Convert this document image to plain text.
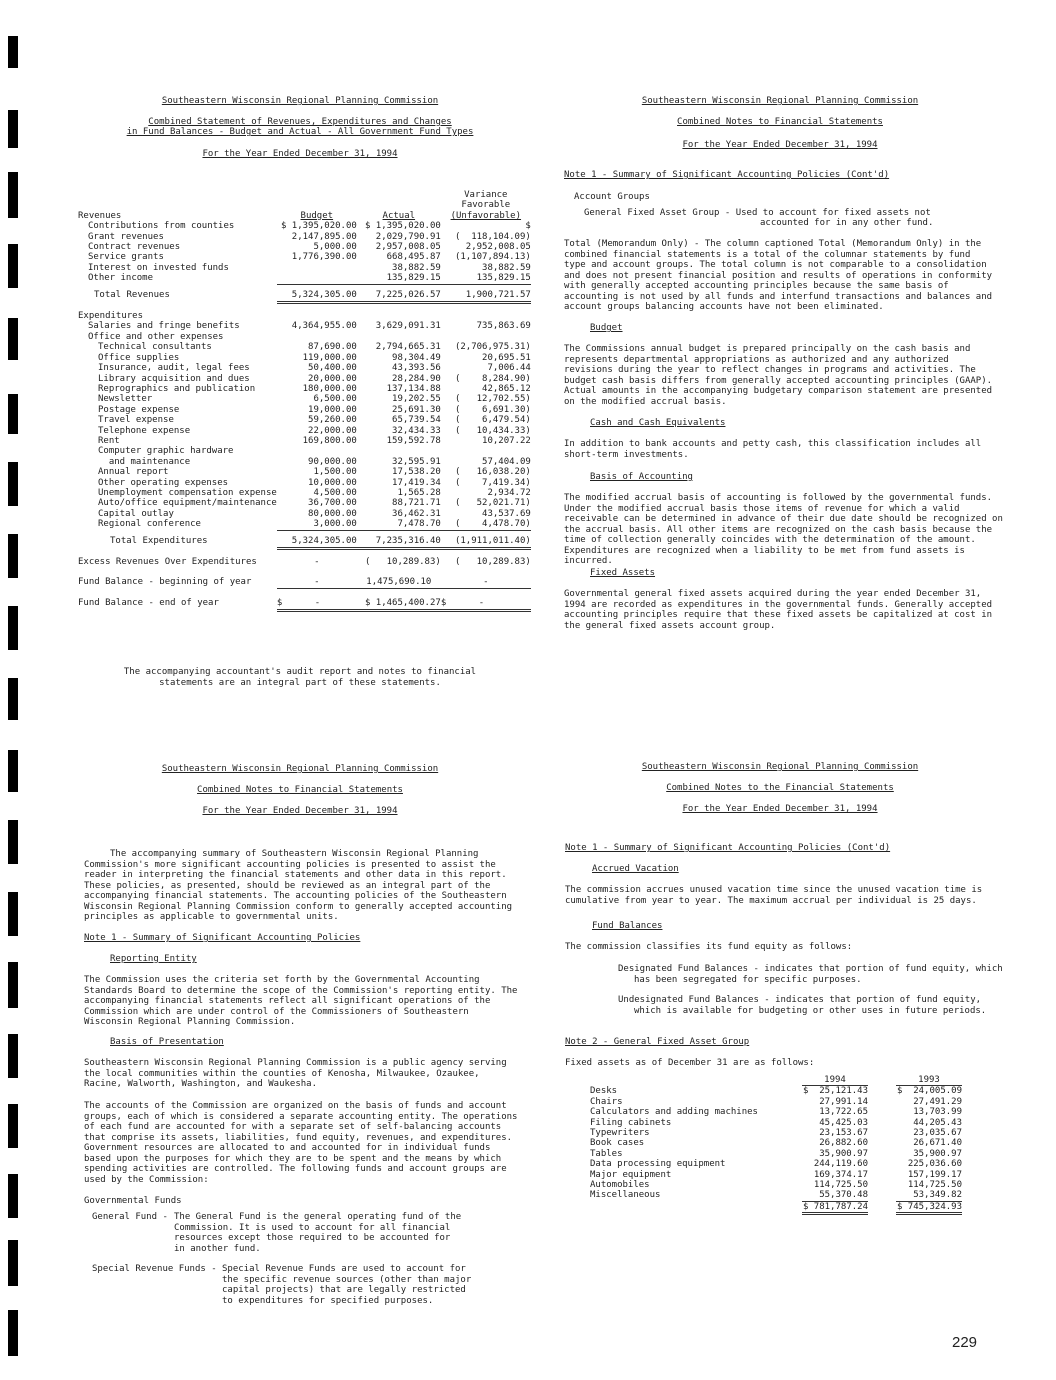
Southeastern Wisconsin Regional Planning Commission
Combined Statement of Revenues, Expenditures and Changes
in Fund Balances - Budget and Actual - All Government Fund Types
For the Year Ended December 31, 1994
			Variance
			Favorable
Revenues	Budget	Actual	(Unfavorable)
Contributions from counties	$ 1,395,020.00	$ 1,395,020.00	$
Grant revenues	2,147,895.00	2,029,790.91	(  118,104.09)
Contract revenues	5,000.00	2,957,008.05	2,952,008.05
Service grants	1,776,390.00	668,495.87	(1,107,894.13)
Interest on invested funds		38,882.59	38,882.59
Other income		135,829.15	135,829.15

Total Revenues	5,324,305.00	7,225,026.57	1,900,721.57

Expenditures			
Salaries and fringe benefits	4,364,955.00	3,629,091.31	735,863.69
Office and other expenses			
Technical consultants	87,690.00	2,794,665.31	(2,706,975.31)
Office supplies	119,000.00	98,304.49	20,695.51
Insurance, audit, legal fees	50,400.00	43,393.56	7,006.44
Library acquisition and dues	20,000.00	28,284.90	(    8,284.90)
Reprographics and publication	180,000.00	137,134.88	42,865.12
Newsletter	6,500.00	19,202.55	(   12,702.55)
Postage expense	19,000.00	25,691.30	(    6,691.30)
Travel expense	59,260.00	65,739.54	(    6,479.54)
Telephone expense	22,000.00	32,434.33	(   10,434.33)
Rent	169,800.00	159,592.78	10,207.22
Computer graphic hardware			
and maintenance	90,000.00	32,595.91	57,404.09
Annual report	1,500.00	17,538.20	(   16,038.20)
Other operating expenses	10,000.00	17,419.34	(    7,419.34)
Unemployment compensation expense	4,500.00	1,565.28	2,934.72
Auto/office equipment/maintenance	36,700.00	88,721.71	(   52,021.71)
Capital outlay	80,000.00	36,462.31	43,537.69
Regional conference	3,000.00	7,478.70	(    4,478.70)

Total Expenditures	5,324,305.00	7,235,316.40	(1,911,011.40)

Excess Revenues Over Expenditures	-	(   10,289.83)	(   10,289.83)

Fund Balance - beginning of year	-	1,475,690.10	-

Fund Balance - end of year	$      -	$ 1,465,400.27	$      -
The accompanying accountant's audit report and notes to financial
statements are an integral part of these statements.
Southeastern Wisconsin Regional Planning Commission
Combined Notes to Financial Statements
For the Year Ended December 31, 1994
Note 1 - Summary of Significant Accounting Policies (Cont'd)
Account Groups
General Fixed Asset Group - Used to account for fixed assets not
accounted for in any other fund.
Total (Memorandum Only) - The column captioned Total (Memorandum Only) in the combined financial statements is a total of the columnar statements by fund type and account groups. The total column is not comparable to a consolidation and does not present financial position and results of operations in conformity with generally accepted accounting principles because the same basis of accounting is not used by all funds and interfund transactions and balances and account groups balancing accounts have not been eliminated.
Budget
The Commissions annual budget is prepared principally on the cash basis and represents departmental appropriations as authorized and any authorized revisions during the year to reflect changes in programs and activities. The budget cash basis differs from generally accepted accounting principles (GAAP). Actual amounts in the accompanying budgetary comparison statement are presented on the modified accrual basis.
Cash and Cash Equivalents
In addition to bank accounts and petty cash, this classification includes all short-term investments.
Basis of Accounting
The modified accrual basis of accounting is followed by the governmental funds. Under the modified accrual basis those items of revenue for which a valid receivable can be determined in advance of their due date should be recognized on the accrual basis. All other items are recognized on the cash basis because the time of collection generally coincides with the determination of the amount. Expenditures are recognized when a liability to be met from fund assets is incurred.
Fixed Assets
Governmental general fixed assets acquired during the year ended December 31, 1994 are recorded as expenditures in the governmental funds. Generally accepted accounting principles require that these fixed assets be capitalized at cost in the general fixed assets account group.
Southeastern Wisconsin Regional Planning Commission
Combined Notes to Financial Statements
For the Year Ended December 31, 1994
The accompanying summary of Southeastern Wisconsin Regional Planning Commission's more significant accounting policies is presented to assist the reader in interpreting the financial statements and other data in this report. These policies, as presented, should be reviewed as an integral part of the accompanying financial statements. The accounting policies of the Southeastern Wisconsin Regional Planning Commission conform to generally accepted accounting principles as applicable to governmental units.
Note 1 - Summary of Significant Accounting Policies
Reporting Entity
The Commission uses the criteria set forth by the Governmental Accounting Standards Board to determine the scope of the Commission's reporting entity. The accompanying financial statements reflect all significant operations of the Commission which are under control of the Commissioners of Southeastern Wisconsin Regional Planning Commission.
Basis of Presentation
Southeastern Wisconsin Regional Planning Commission is a public agency serving the local communities within the counties of Kenosha, Milwaukee, Ozaukee, Racine, Walworth, Washington, and Waukesha.
The accounts of the Commission are organized on the basis of funds and account groups, each of which is considered a separate accounting entity. The operations of each fund are accounted for with a separate set of self-balancing accounts that comprise its assets, liabilities, fund equity, revenues, and expenditures. Government resources are allocated to and accounted for in individual funds based upon the purposes for which they are to be spent and the means by which spending activities are controlled. The following funds and account groups are used by the Commission:
Governmental Funds
General Fund - The General Fund is the general operating fund of the Commission. It is used to account for all financial resources except those required to be accounted for in another fund.
Special Revenue Funds - Special Revenue Funds are used to account for the specific revenue sources (other than major capital projects) that are legally restricted to expenditures for specified purposes.
Southeastern Wisconsin Regional Planning Commission
Combined Notes to the Financial Statements
For the Year Ended December 31, 1994
Note 1 - Summary of Significant Accounting Policies (Cont'd)
Accrued Vacation
The commission accrues unused vacation time since the unused vacation time is cumulative from year to year. The maximum accrual per individual is 25 days.
Fund Balances
The commission classifies its fund equity as follows:
Designated Fund Balances - indicates that portion of fund equity, which has been segregated for specific purposes.
Undesignated Fund Balances - indicates that portion of fund equity, which is available for budgeting or other uses in future periods.
Note 2 - General Fixed Asset Group
Fixed assets as of December 31 are as follows:
	1994		1993
Desks	$  25,121.43		$  24,005.09
Chairs	27,991.14		27,491.29
Calculators and adding machines	13,722.65		13,703.99
Filing cabinets	45,425.03		44,205.43
Typewriters	23,153.67		23,035.67
Book cases	26,882.60		26,671.40
Tables	35,900.97		35,900.97
Data processing equipment	244,119.60		225,036.60
Major equipment	169,374.17		157,199.17
Automobiles	114,725.50		114,725.50
Miscellaneous	55,370.48		53,349.82
	$ 781,787.24		$ 745,324.93
229
